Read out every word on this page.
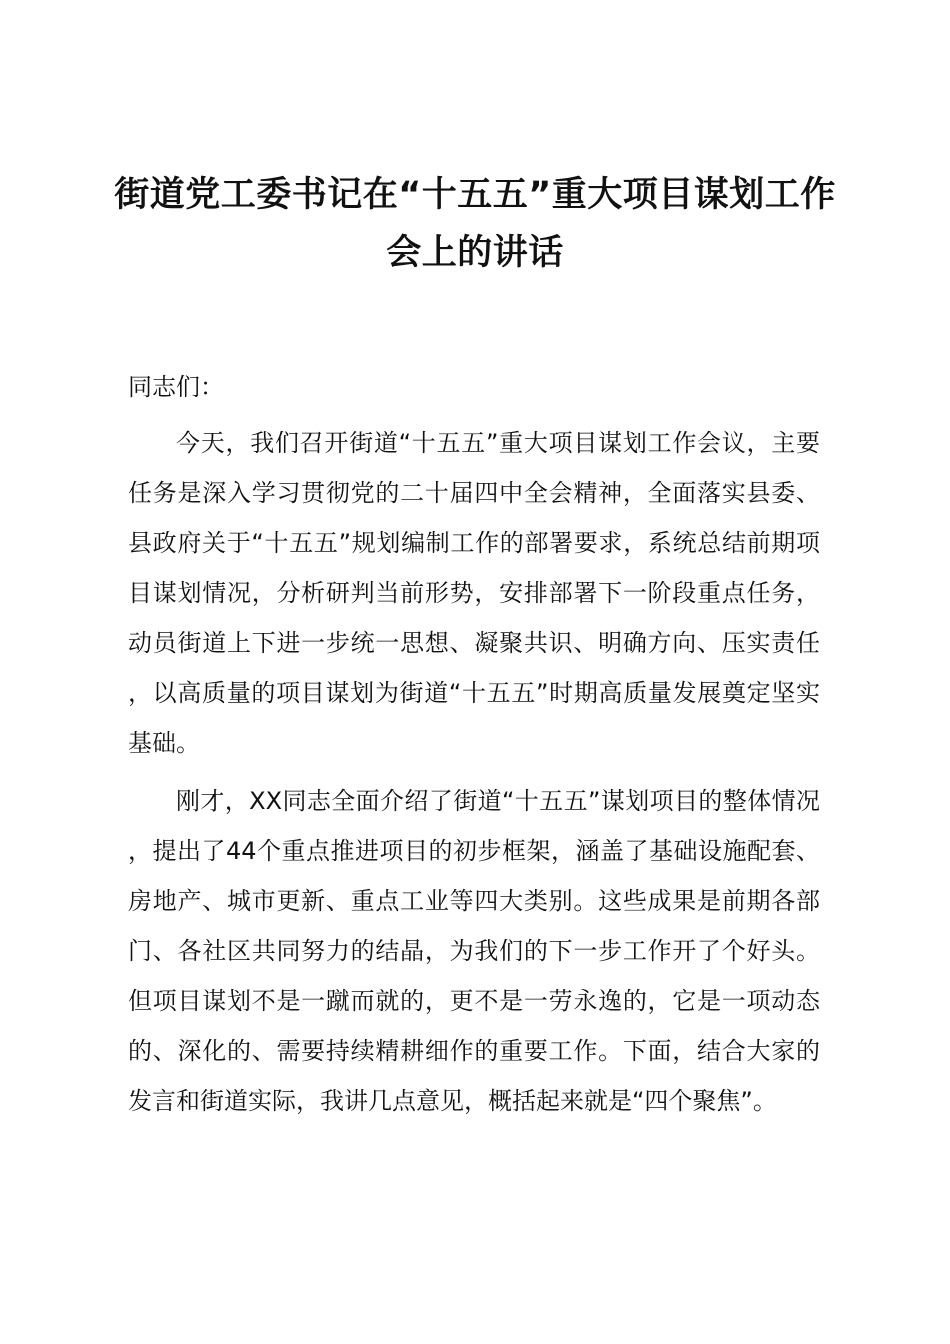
街道党工委书记在“十五五”重大项目谋划工作会上的讲话

同志们：

今天，我们召开街道“十五五”重大项目谋划工作会议，主要任务是深入学习贯彻党的二十届四中全会精神，全面落实县委、县政府关于“十五五”规划编制工作的部署要求，系统总结前期项目谋划情况，分析研判当前形势，安排部署下一阶段重点任务，动员街道上下进一步统一思想、凝聚共识、明确方向、压实责任，以高质量的项目谋划为街道“十五五”时期高质量发展奠定坚实基础。

刚才，XX同志全面介绍了街道“十五五”谋划项目的整体情况，提出了44个重点推进项目的初步框架，涵盖了基础设施配套、房地产、城市更新、重点工业等四大类别。这些成果是前期各部门、各社区共同努力的结晶，为我们的下一步工作开了个好头。但项目谋划不是一蹴而就的，更不是一劳永逸的，它是一项动态的、深化的、需要持续精耕细作的重要工作。下面，结合大家的发言和街道实际，我讲几点意见，概括起来就是“四个聚焦”。
